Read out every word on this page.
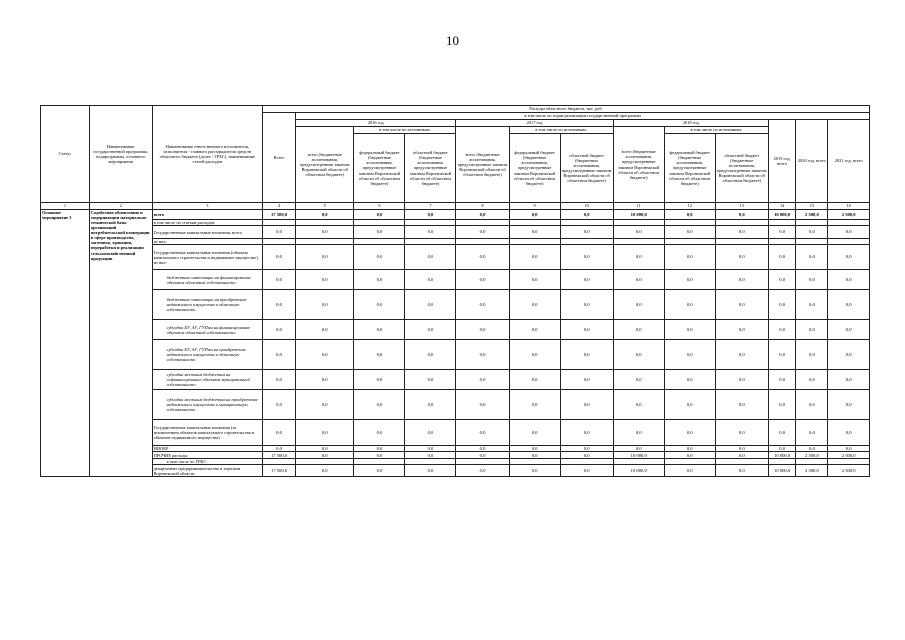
10
Статус	Наименование государственной программы, подпрограммы, основного мероприятия	Наименование ответственного исполнителя, исполнителя - главного распорядителя средств областного бюджета (далее - ГРБС), наименование статей расходов	Расходы областного бюджета, тыс. руб.												
			Всего	в том числе по годам реализации государственной программы											
				2016 год			2017 год			2018 год			2019 год, всего	2020 год, всего	2021 год, всего
				всего (бюджетные ассигнования, предусмотренные законом Воронежской области об областном бюджете)	в том числе по источникам:		всего (бюджетные ассигнования, предусмотренные законом Воронежской области об областном бюджете)	в том числе по источникам:		всего (бюджетные ассигнования, предусмотренные законом Воронежской области об областном бюджете)	в том числе по источникам:				
					федеральный бюджет (бюджетные ассигнования, предусмотренные законом Воронежской области об областном бюджете)	областной бюджет (бюджетные ассигнования, предусмотренные законом Воронежской области об областном бюджете)		федеральный бюджет (бюджетные ассигнования, предусмотренные законом Воронежской области об областном бюджете)	областной бюджет (бюджетные ассигнования, предусмотренные законом Воронежской области об областном бюджете)		федеральный бюджет (бюджетные ассигнования, предусмотренные законом Воронежской области об областном бюджете)	областной бюджет (бюджетные ассигнования, предусмотренные законом Воронежской области об областном бюджете)			
1	2	3	4	5	6	7	8	9	10	11	12	13	14	15	16
Основное мероприятие 3	Содействие обновлению и модернизации материально-технической базы организаций потребительской кооперации в сфере производства, заготовок, хранения, переработки и реализации сельскохозяйственной продукции	всего	17 500,0	0,0	0,0	0,0	0,0	0,0	0,0	10 000,0	0,0	0,0	10 000,0	2 500,0	2 500,0
		в том числе по статьям расходов:													
		Государственные капитальные вложения, всего	0,0	0,0	0,0	0,0	0,0	0,0	0,0	0,0	0,0	0,0	0,0	0,0	0,0
		из них:													
		Государственные капитальные вложения (объекты капитального строительства и недвижимое имущество), из них:	0,0	0,0	0,0	0,0	0,0	0,0	0,0	0,0	0,0	0,0	0,0	0,0	0,0
		бюджетные инвестиции на финансирование объектов областной собственности	0,0	0,0	0,0	0,0	0,0	0,0	0,0	0,0	0,0	0,0	0,0	0,0	0,0
		бюджетные инвестиции на приобретение недвижимого имущества в областную собственность	0,0	0,0	0,0	0,0	0,0	0,0	0,0	0,0	0,0	0,0	0,0	0,0	0,0
		субсидии БУ, АУ, ГУПам на финансирование объектов областной собственности	0,0	0,0	0,0	0,0	0,0	0,0	0,0	0,0	0,0	0,0	0,0	0,0	0,0
		субсидии БУ, АУ, ГУПам на приобретение недвижимого имущества в областную собственность	0,0	0,0	0,0	0,0	0,0	0,0	0,0	0,0	0,0	0,0	0,0	0,0	0,0
		субсидии местным бюджетам на софинансирование объектов муниципальной собственности	0,0	0,0	0,0	0,0	0,0	0,0	0,0	0,0	0,0	0,0	0,0	0,0	0,0
		субсидии местным бюджетам на приобретение недвижимого имущества в муниципальную собственность	0,0	0,0	0,0	0,0	0,0	0,0	0,0	0,0	0,0	0,0	0,0	0,0	0,0
		Государственные капитальные вложения (за исключением объектов капитального строительства и объектов недвижимого имущества)	0,0	0,0	0,0	0,0	0,0	0,0	0,0	0,0	0,0	0,0	0,0	0,0	0,0
		НИОКР	0,0	0,0	0,0	0,0	0,0	0,0	0,0	0,0	0,0	0,0	0,0	0,0	0,0
		ПРОЧИЕ расходы	17 500,0	0,0	0,0	0,0	0,0	0,0	0,0	10 000,0	0,0	0,0	10 000,0	2 500,0	2 500,0
		в том числе по ГРБС:													
		департамент предпринимательства и торговли Воронежской области	17 500,0	0,0	0,0	0,0	0,0	0,0	0,0	10 000,0	0,0	0,0	10 000,0	2 500,0	2 500,0
